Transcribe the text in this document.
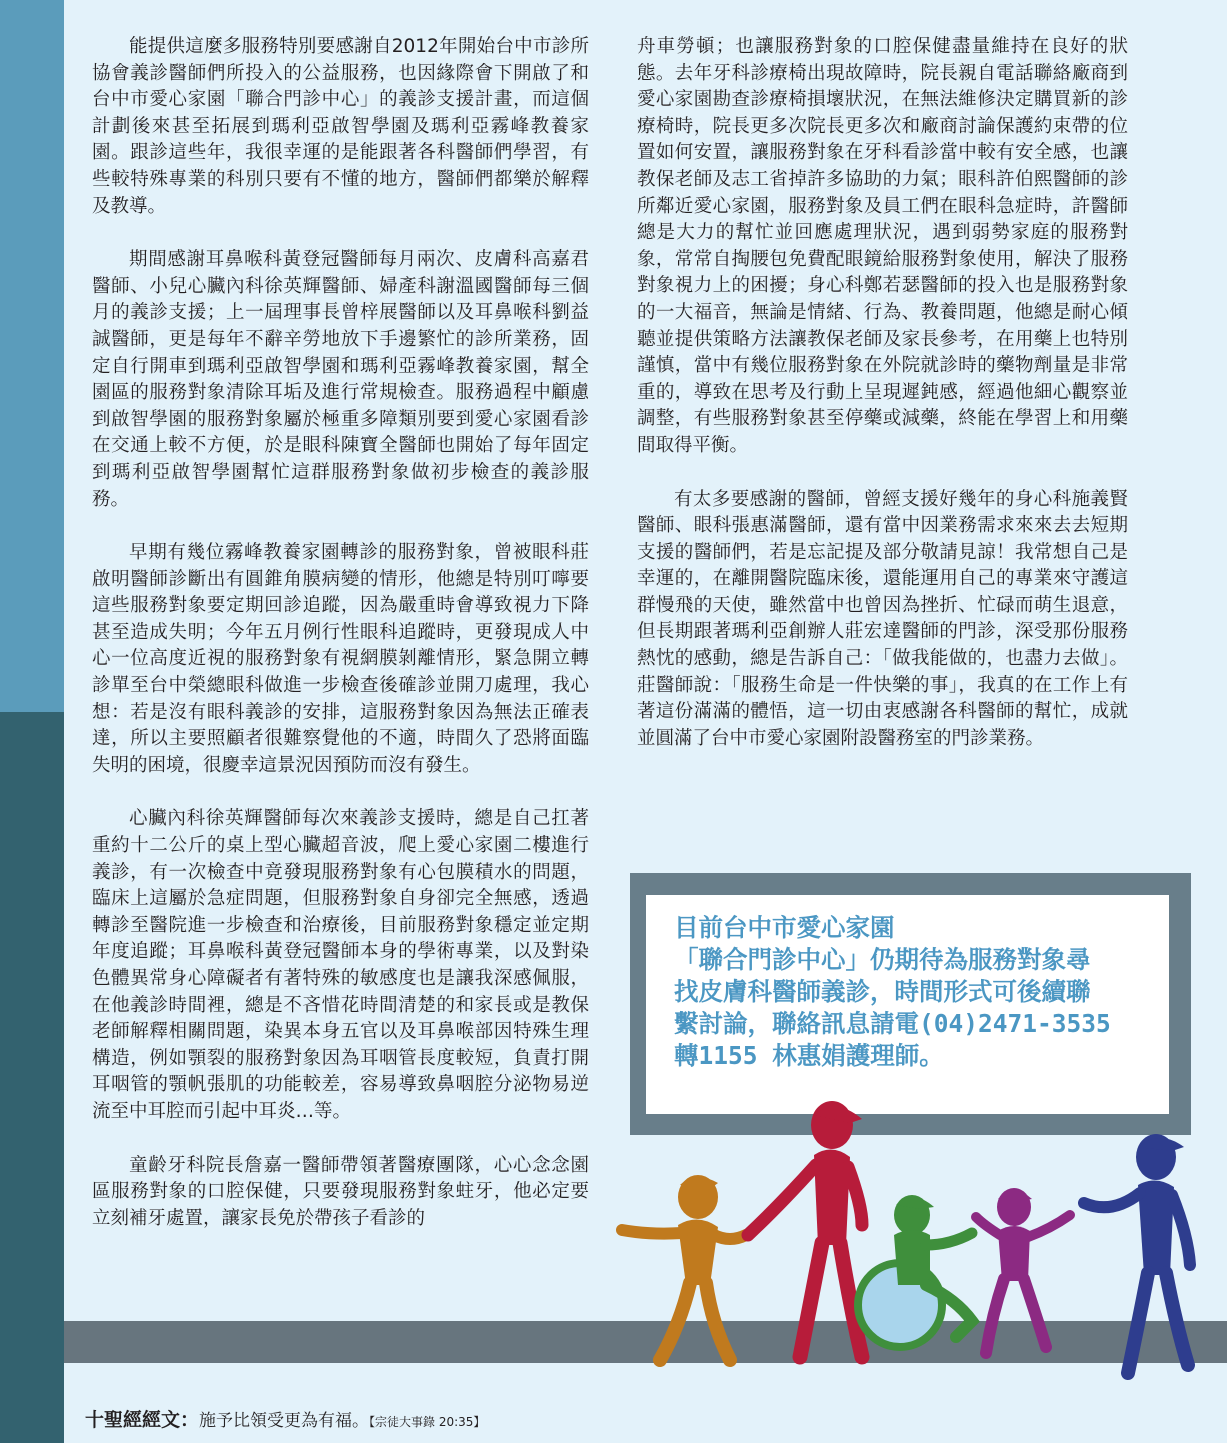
能提供這麼多服務特別要感謝自2012年開始台中市診所協會義診醫師們所投入的公益服務，也因緣際會下開啟了和台中市愛心家園「聯合門診中心」的義診支援計畫，而這個計劃後來甚至拓展到瑪利亞啟智學園及瑪利亞霧峰教養家園。跟診這些年，我很幸運的是能跟著各科醫師們學習，有些較特殊專業的科別只要有不懂的地方，醫師們都樂於解釋及教導。

期間感謝耳鼻喉科黃登冠醫師每月兩次、皮膚科高嘉君醫師、小兒心臟內科徐英輝醫師、婦產科謝溫國醫師每三個月的義診支援；上一屆理事長曾梓展醫師以及耳鼻喉科劉益誠醫師，更是每年不辭辛勞地放下手邊繁忙的診所業務，固定自行開車到瑪利亞啟智學園和瑪利亞霧峰教養家園，幫全園區的服務對象清除耳垢及進行常規檢查。服務過程中顧慮到啟智學園的服務對象屬於極重多障類別要到愛心家園看診在交通上較不方便，於是眼科陳寶全醫師也開始了每年固定到瑪利亞啟智學園幫忙這群服務對象做初步檢查的義診服務。

早期有幾位霧峰教養家園轉診的服務對象，曾被眼科莊啟明醫師診斷出有圓錐角膜病變的情形，他總是特別叮嚀要這些服務對象要定期回診追蹤，因為嚴重時會導致視力下降甚至造成失明；今年五月例行性眼科追蹤時，更發現成人中心一位高度近視的服務對象有視網膜剝離情形，緊急開立轉診單至台中榮總眼科做進一步檢查後確診並開刀處理，我心想：若是沒有眼科義診的安排，這服務對象因為無法正確表達，所以主要照顧者很難察覺他的不適，時間久了恐將面臨失明的困境，很慶幸這景況因預防而沒有發生。

心臟內科徐英輝醫師每次來義診支援時，總是自己扛著重約十二公斤的桌上型心臟超音波，爬上愛心家園二樓進行義診，有一次檢查中竟發現服務對象有心包膜積水的問題，臨床上這屬於急症問題，但服務對象自身卻完全無感，透過轉診至醫院進一步檢查和治療後，目前服務對象穩定並定期年度追蹤；耳鼻喉科黃登冠醫師本身的學術專業，以及對染色體異常身心障礙者有著特殊的敏感度也是讓我深感佩服，在他義診時間裡，總是不吝惜花時間清楚的和家長或是教保老師解釋相關問題，染異本身五官以及耳鼻喉部因特殊生理構造，例如顎裂的服務對象因為耳咽管長度較短，負責打開耳咽管的顎帆張肌的功能較差，容易導致鼻咽腔分泌物易逆流至中耳腔而引起中耳炎…等。

童齡牙科院長詹嘉一醫師帶領著醫療團隊，心心念念園區服務對象的口腔保健，只要發現服務對象蛀牙，他必定要立刻補牙處置，讓家長免於帶孩子看診的

舟車勞頓；也讓服務對象的口腔保健盡量維持在良好的狀態。去年牙科診療椅出現故障時，院長親自電話聯絡廠商到愛心家園勘查診療椅損壞狀況，在無法維修決定購買新的診療椅時，院長更多次院長更多次和廠商討論保護約束帶的位置如何安置，讓服務對象在牙科看診當中較有安全感，也讓教保老師及志工省掉許多協助的力氣；眼科許伯熙醫師的診所鄰近愛心家園，服務對象及員工們在眼科急症時，許醫師總是大力的幫忙並回應處理狀況，遇到弱勢家庭的服務對象，常常自掏腰包免費配眼鏡給服務對象使用，解決了服務對象視力上的困擾；身心科鄭若瑟醫師的投入也是服務對象的一大福音，無論是情緒、行為、教養問題，他總是耐心傾聽並提供策略方法讓教保老師及家長參考，在用藥上也特別謹慎，當中有幾位服務對象在外院就診時的藥物劑量是非常重的，導致在思考及行動上呈現遲鈍感，經過他細心觀察並調整，有些服務對象甚至停藥或減藥，終能在學習上和用藥間取得平衡。

有太多要感謝的醫師，曾經支援好幾年的身心科施義賢醫師、眼科張惠滿醫師，還有當中因業務需求來來去去短期支援的醫師們，若是忘記提及部分敬請見諒！我常想自己是幸運的，在離開醫院臨床後，還能運用自己的專業來守護這群慢飛的天使，雖然當中也曾因為挫折、忙碌而萌生退意，但長期跟著瑪利亞創辦人莊宏達醫師的門診，深受那份服務熱忱的感動，總是告訴自己：「做我能做的，也盡力去做」。莊醫師說：「服務生命是一件快樂的事」，我真的在工作上有著這份滿滿的體悟，這一切由衷感謝各科醫師的幫忙，成就並圓滿了台中市愛心家園附設醫務室的門診業務。

目前台中市愛心家園
「聯合門診中心」仍期待為服務對象尋
找皮膚科醫師義診，時間形式可後續聯
繫討論，聯絡訊息請電(04)2471-3535
轉1155 林惠娟護理師。
十聖經經文：施予比領受更為有福。【宗徒大事錄 20:35】
